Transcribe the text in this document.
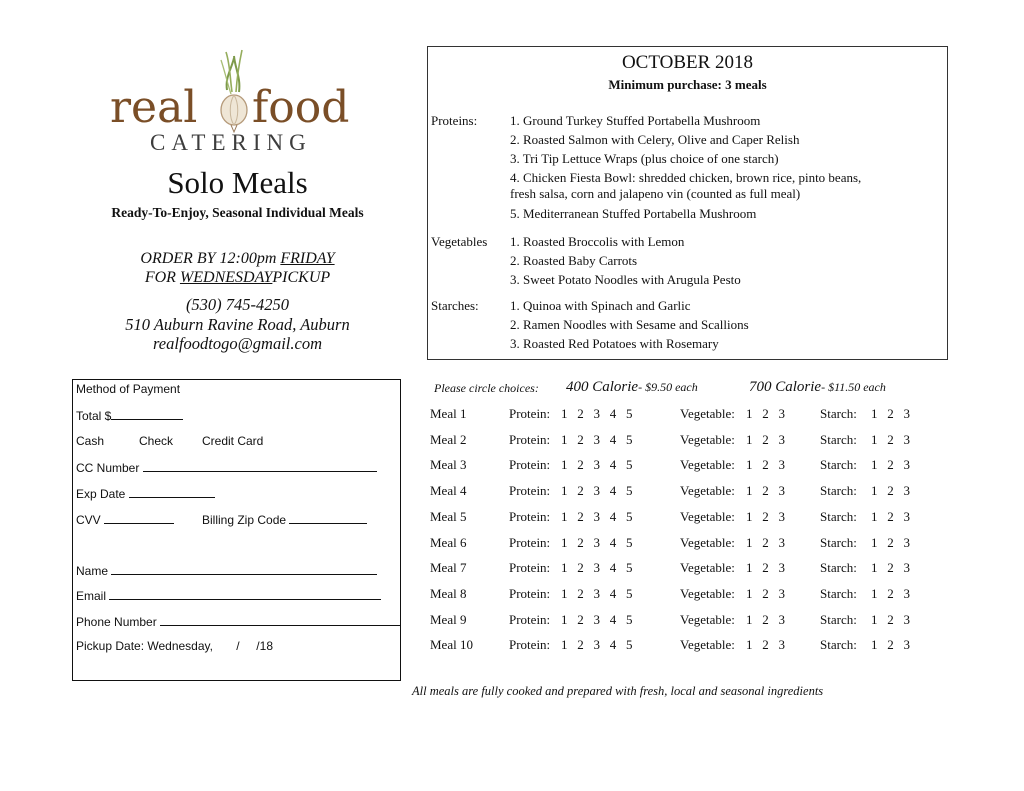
real food
CATERING
Solo Meals
Ready-To-Enjoy, Seasonal Individual Meals
ORDER BY 12:00pm FRIDAY
FOR WEDNESDAYPICKUP
(530) 745-4250
510 Auburn Ravine Road, Auburn
realfoodtogo@gmail.com
OCTOBER 2018
Minimum purchase: 3 meals
Proteins:	1. Ground Turkey Stuffed Portabella Mushroom
2. Roasted Salmon with Celery, Olive and Caper Relish
3. Tri Tip Lettuce Wraps (plus choice of one starch)
4. Chicken Fiesta Bowl: shredded chicken, brown rice, pinto beans,
fresh salsa, corn and jalapeno vin (counted as full meal)
5. Mediterranean Stuffed Portabella Mushroom
Vegetables 1. Roasted Broccolis with Lemon
2. Roasted Baby Carrots
3. Sweet Potato Noodles with Arugula Pesto
Starches: 1. Quinoa with Spinach and Garlic
2. Ramen Noodles with Sesame and Scallions
3. Roasted Red Potatoes with Rosemary
Method of Payment
Total $
Cash	Check Credit Card
CC Number
Exp Date
CVV	Billing Zip Code
Name
Email
Phone Number
Pickup Date: Wednesday,       /     /18
Please circle choices: 400 Calorie- $9.50 each	700 Calorie- $11.50 each
Meal 1	Protein: 1   2   3   4   5	Vegetable: 1   2   3	Starch: 1   2   3
Meal 2	Protein: 1   2   3   4   5	Vegetable: 1   2   3	Starch: 1   2   3
Meal 3	Protein: 1   2   3   4   5	Vegetable: 1   2   3	Starch: 1   2   3
Meal 4	Protein: 1   2   3   4   5	Vegetable: 1   2   3	Starch: 1   2   3
Meal 5	Protein: 1   2   3   4   5	Vegetable: 1   2   3	Starch: 1   2   3
Meal 6	Protein: 1   2   3   4   5	Vegetable: 1   2   3	Starch: 1   2   3
Meal 7	Protein: 1   2   3   4   5	Vegetable: 1   2   3	Starch: 1   2   3
Meal 8	Protein: 1   2   3   4   5	Vegetable: 1   2   3	Starch: 1   2   3
Meal 9	Protein: 1   2   3   4   5	Vegetable: 1   2   3	Starch: 1   2   3
Meal 10	Protein: 1   2   3   4   5	Vegetable: 1   2   3	Starch: 1   2   3
All meals are fully cooked and prepared with fresh, local and seasonal ingredients
